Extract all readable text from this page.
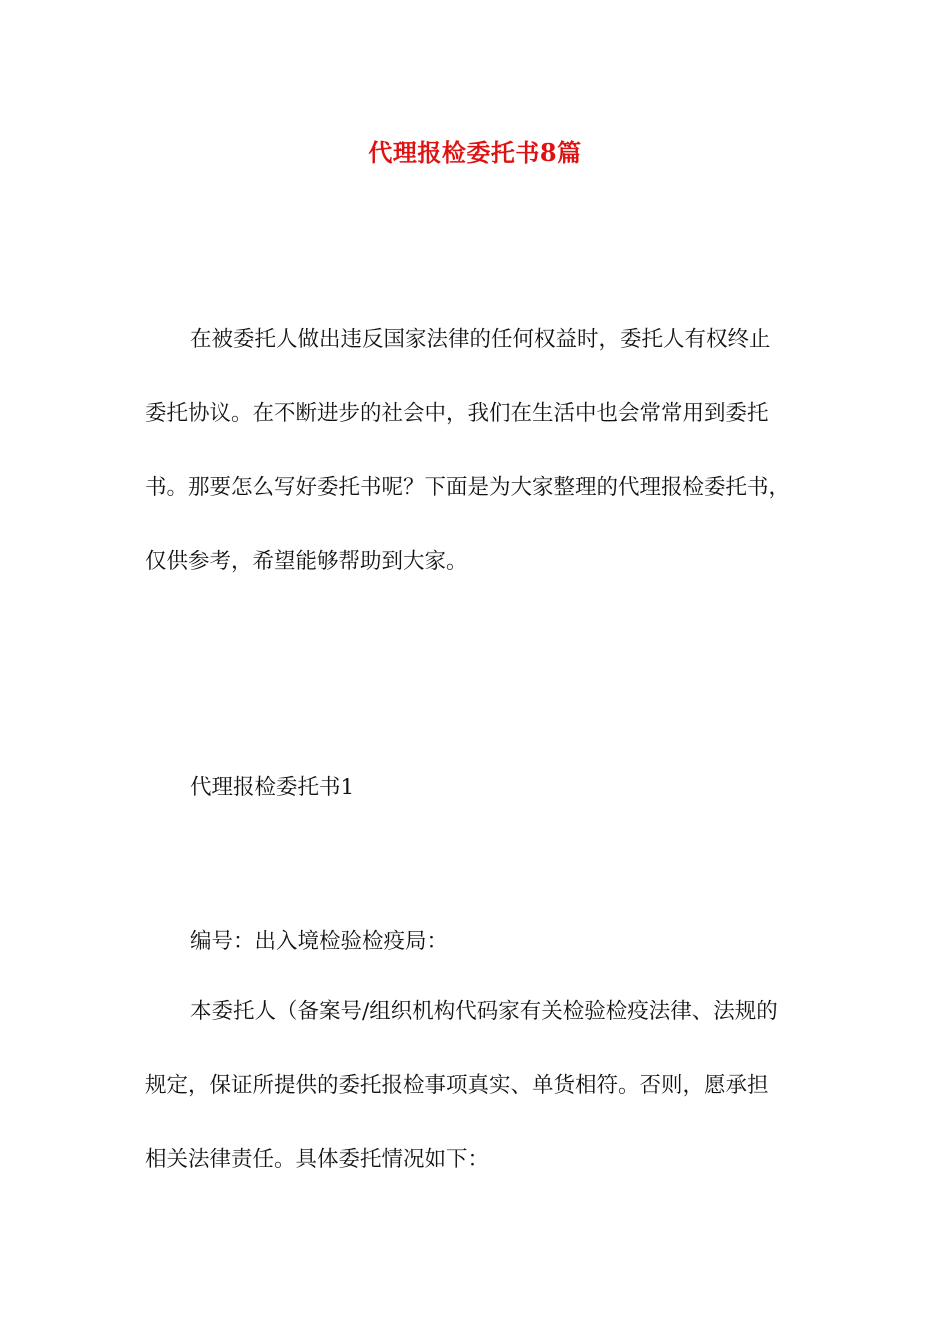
代理报检委托书8篇
在被委托人做出违反国家法律的任何权益时，委托人有权终止
委托协议。在不断进步的社会中，我们在生活中也会常常用到委托
书。那要怎么写好委托书呢？下面是为大家整理的代理报检委托书，
仅供参考，希望能够帮助到大家。
代理报检委托书1
编号：出入境检验检疫局：
本委托人（备案号/组织机构代码家有关检验检疫法律、法规的
规定，保证所提供的委托报检事项真实、单货相符。否则，愿承担
相关法律责任。具体委托情况如下：
